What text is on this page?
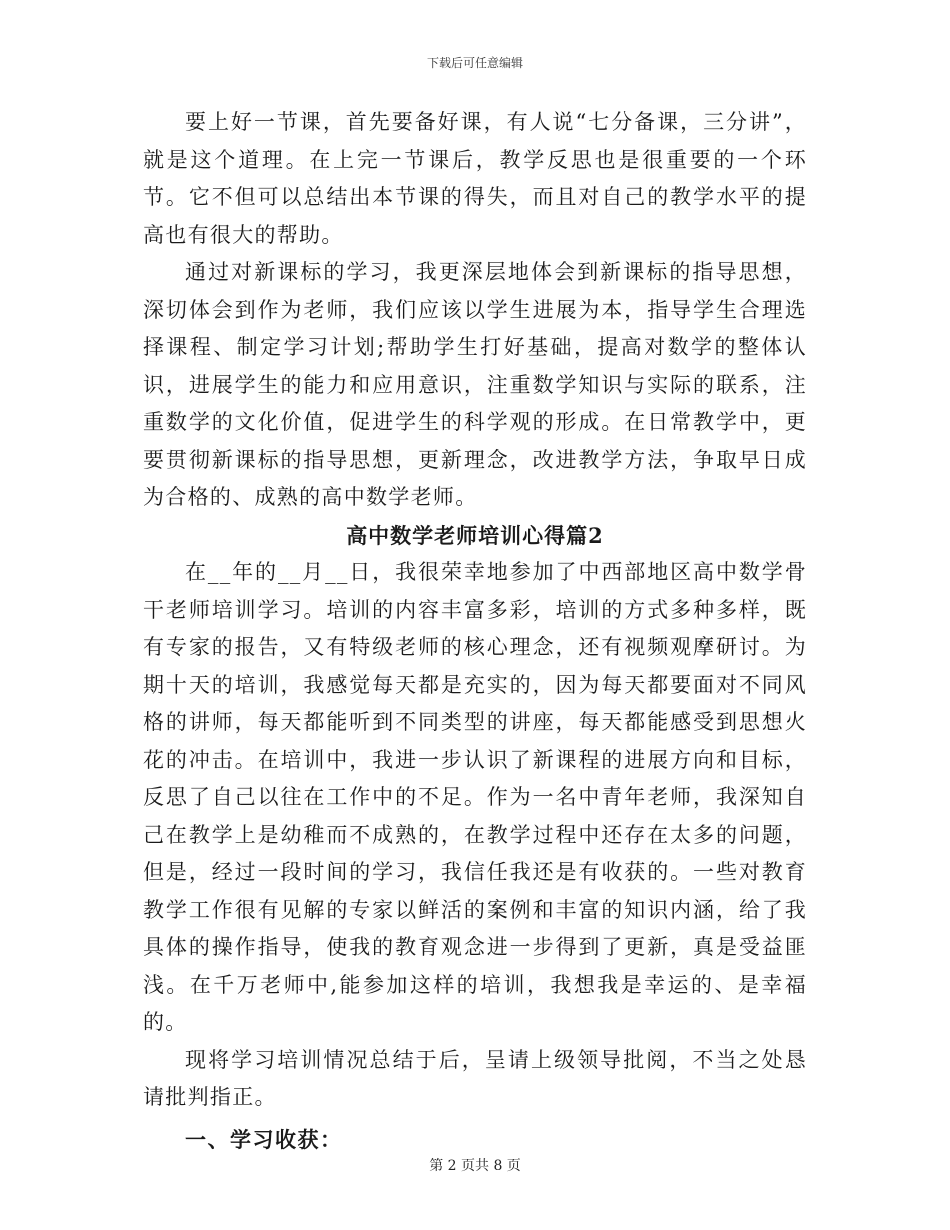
下载后可任意编辑

要上好一节课，首先要备好课，有人说“七分备课，三分讲”，就是这个道理。在上完一节课后，教学反思也是很重要的一个环节。它不但可以总结出本节课的得失，而且对自己的教学水平的提高也有很大的帮助。

通过对新课标的学习，我更深层地体会到新课标的指导思想，深切体会到作为老师，我们应该以学生进展为本，指导学生合理选择课程、制定学习计划;帮助学生打好基础，提高对数学的整体认识，进展学生的能力和应用意识，注重数学知识与实际的联系，注重数学的文化价值，促进学生的科学观的形成。在日常教学中，更要贯彻新课标的指导思想，更新理念，改进教学方法，争取早日成为合格的、成熟的高中数学老师。

高中数学老师培训心得篇2

在__年的__月__日，我很荣幸地参加了中西部地区高中数学骨干老师培训学习。培训的内容丰富多彩，培训的方式多种多样，既有专家的报告，又有特级老师的核心理念，还有视频观摩研讨。为期十天的培训，我感觉每天都是充实的，因为每天都要面对不同风格的讲师，每天都能听到不同类型的讲座，每天都能感受到思想火花的冲击。在培训中，我进一步认识了新课程的进展方向和目标，反思了自己以往在工作中的不足。作为一名中青年老师，我深知自己在教学上是幼稚而不成熟的，在教学过程中还存在太多的问题，但是，经过一段时间的学习，我信任我还是有收获的。一些对教育教学工作很有见解的专家以鲜活的案例和丰富的知识内涵，给了我具体的操作指导，使我的教育观念进一步得到了更新，真是受益匪浅。在千万老师中,能参加这样的培训，我想我是幸运的、是幸福的。

现将学习培训情况总结于后，呈请上级领导批阅，不当之处恳请批判指正。

一、学习收获：
第 2 页共 8 页
